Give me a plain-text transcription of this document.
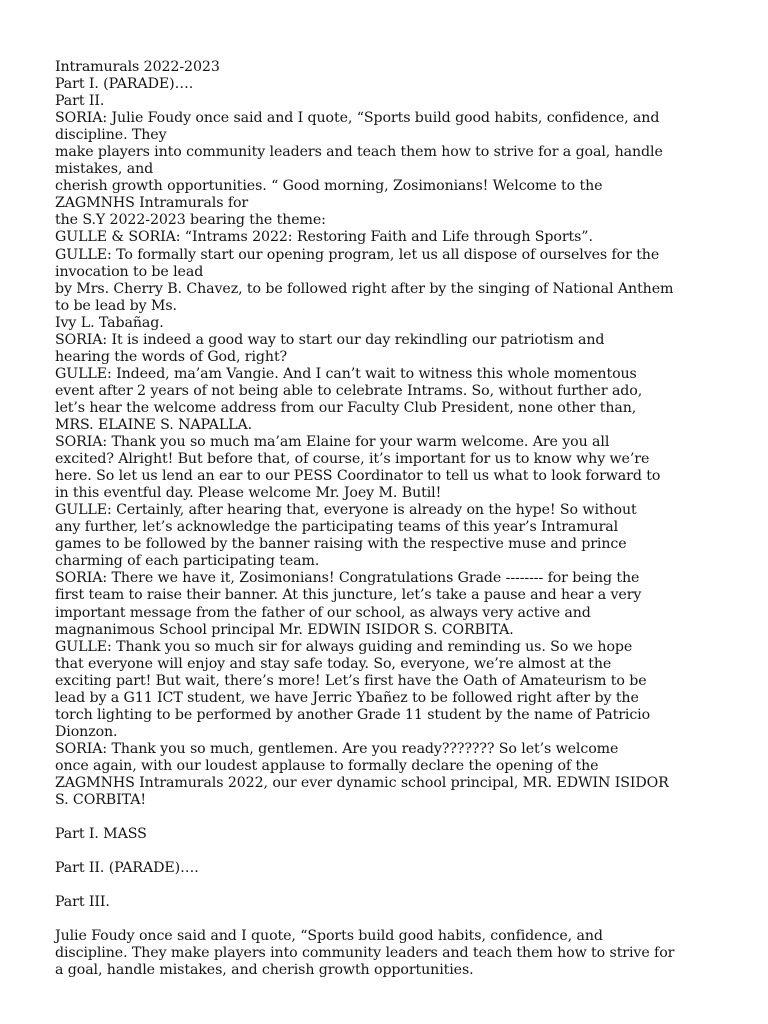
Intramurals 2022-2023
Part I. (PARADE)….
Part II.
SORIA: Julie Foudy once said and I quote, “Sports build good habits, confidence, and
discipline. They
make players into community leaders and teach them how to strive for a goal, handle
mistakes, and
cherish growth opportunities. “ Good morning, Zosimonians! Welcome to the
ZAGMNHS Intramurals for
the S.Y 2022-2023 bearing the theme:
GULLE & SORIA: “Intrams 2022: Restoring Faith and Life through Sports”.
GULLE: To formally start our opening program, let us all dispose of ourselves for the
invocation to be lead
by Mrs. Cherry B. Chavez, to be followed right after by the singing of National Anthem
to be lead by Ms.
Ivy L. Tabañag.
SORIA: It is indeed a good way to start our day rekindling our patriotism and
hearing the words of God, right?
GULLE: Indeed, ma’am Vangie. And I can’t wait to witness this whole momentous
event after 2 years of not being able to celebrate Intrams. So, without further ado,
let’s hear the welcome address from our Faculty Club President, none other than,
MRS. ELAINE S. NAPALLA.
SORIA: Thank you so much ma’am Elaine for your warm welcome. Are you all
excited? Alright! But before that, of course, it’s important for us to know why we’re
here. So let us lend an ear to our PESS Coordinator to tell us what to look forward to
in this eventful day. Please welcome Mr. Joey M. Butil!
GULLE: Certainly, after hearing that, everyone is already on the hype! So without
any further, let’s acknowledge the participating teams of this year’s Intramural
games to be followed by the banner raising with the respective muse and prince
charming of each participating team.
SORIA: There we have it, Zosimonians! Congratulations Grade -------- for being the
first team to raise their banner. At this juncture, let’s take a pause and hear a very
important message from the father of our school, as always very active and
magnanimous School principal Mr. EDWIN ISIDOR S. CORBITA.
GULLE: Thank you so much sir for always guiding and reminding us. So we hope
that everyone will enjoy and stay safe today. So, everyone, we’re almost at the
exciting part! But wait, there’s more! Let’s first have the Oath of Amateurism to be
lead by a G11 ICT student, we have Jerric Ybañez to be followed right after by the
torch lighting to be performed by another Grade 11 student by the name of Patricio
Dionzon.
SORIA: Thank you so much, gentlemen. Are you ready??????? So let’s welcome
once again, with our loudest applause to formally declare the opening of the
ZAGMNHS Intramurals 2022, our ever dynamic school principal, MR. EDWIN ISIDOR
S. CORBITA!
Part I. MASS
Part II. (PARADE)….
Part III.
Julie Foudy once said and I quote, “Sports build good habits, confidence, and
discipline. They make players into community leaders and teach them how to strive for
a goal, handle mistakes, and cherish growth opportunities.
